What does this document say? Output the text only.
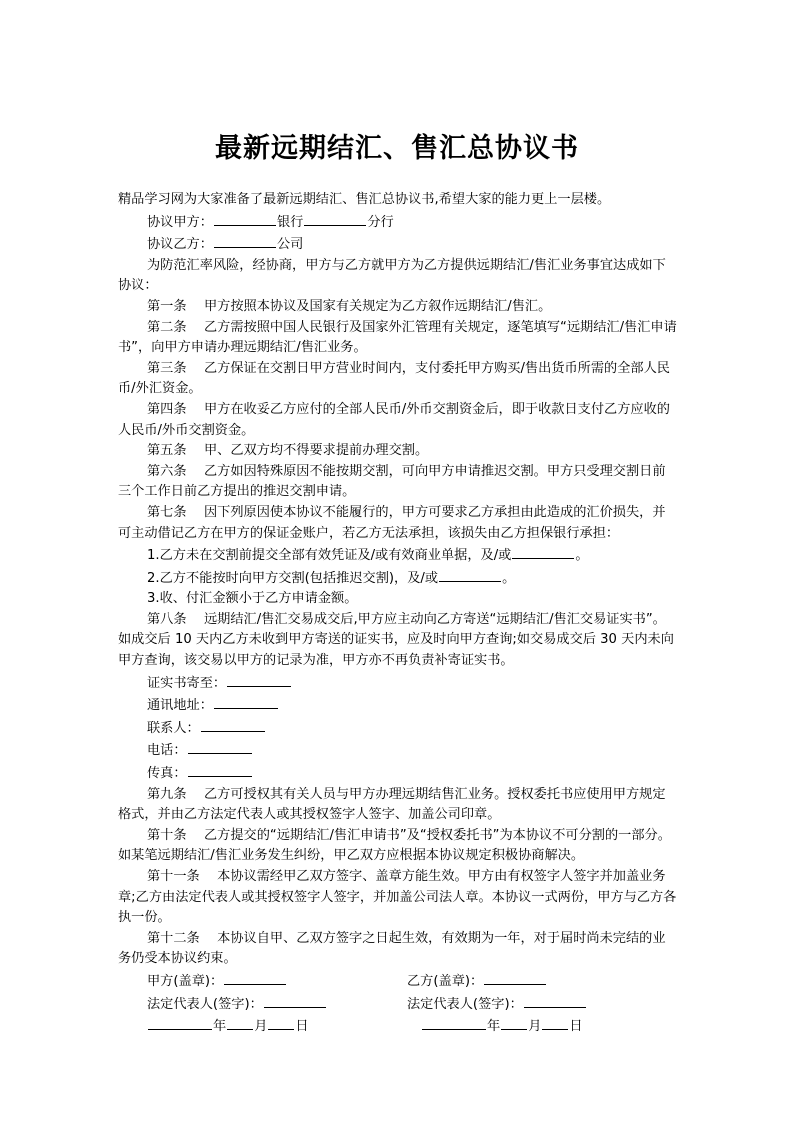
最新远期结汇、售汇总协议书

精品学习网为大家准备了最新远期结汇、售汇总协议书,希望大家的能力更上一层楼。

协议甲方：	银行	分行

协议乙方：	公司

为防范汇率风险，经协商，甲方与乙方就甲方为乙方提供远期结汇/售汇业务事宜达成如下协议：

第一条　 甲方按照本协议及国家有关规定为乙方叙作远期结汇/售汇。

第二条　 乙方需按照中国人民银行及国家外汇管理有关规定，逐笔填写“远期结汇/售汇申请书”，向甲方申请办理远期结汇/售汇业务。

第三条　 乙方保证在交割日甲方营业时间内，支付委托甲方购买/售出货币所需的全部人民币/外汇资金。

第四条　 甲方在收妥乙方应付的全部人民币/外币交割资金后，即于收款日支付乙方应收的人民币/外币交割资金。

第五条　 甲、乙双方均不得要求提前办理交割。

第六条　 乙方如因特殊原因不能按期交割，可向甲方申请推迟交割。甲方只受理交割日前三个工作日前乙方提出的推迟交割申请。

第七条　 因下列原因使本协议不能履行的，甲方可要求乙方承担由此造成的汇价损失，并可主动借记乙方在甲方的保证金账户，若乙方无法承担，该损失由乙方担保银行承担：

1.乙方未在交割前提交全部有效凭证及/或有效商业单据，及/或	。

2.乙方不能按时向甲方交割(包括推迟交割)，及/或	。

3.收、付汇金额小于乙方申请金额。

第八条　 远期结汇/售汇交易成交后,甲方应主动向乙方寄送“远期结汇/售汇交易证实书”。如成交后 10 天内乙方未收到甲方寄送的证实书，应及时向甲方查询;如交易成交后 30 天内未向甲方查询，该交易以甲方的记录为准，甲方亦不再负责补寄证实书。

证实书寄至：

通讯地址：

联系人：

电话：

传真：

第九条　 乙方可授权其有关人员与甲方办理远期结售汇业务。授权委托书应使用甲方规定格式，并由乙方法定代表人或其授权签字人签字、加盖公司印章。

第十条　 乙方提交的“远期结汇/售汇申请书”及“授权委托书”为本协议不可分割的一部分。如某笔远期结汇/售汇业务发生纠纷，甲乙双方应根据本协议规定积极协商解决。

第十一条　 本协议需经甲乙双方签字、盖章方能生效。甲方由有权签字人签字并加盖业务章;乙方由法定代表人或其授权签字人签字，并加盖公司法人章。本协议一式两份，甲方与乙方各执一份。

第十二条　 本协议自甲、乙双方签字之日起生效，有效期为一年，对于届时尚未完结的业务仍受本协议约束。

甲方(盖章)：	乙方(盖章)：
法定代表人(签字)：	法定代表人(签字)：
年 月 日	年 月 日
